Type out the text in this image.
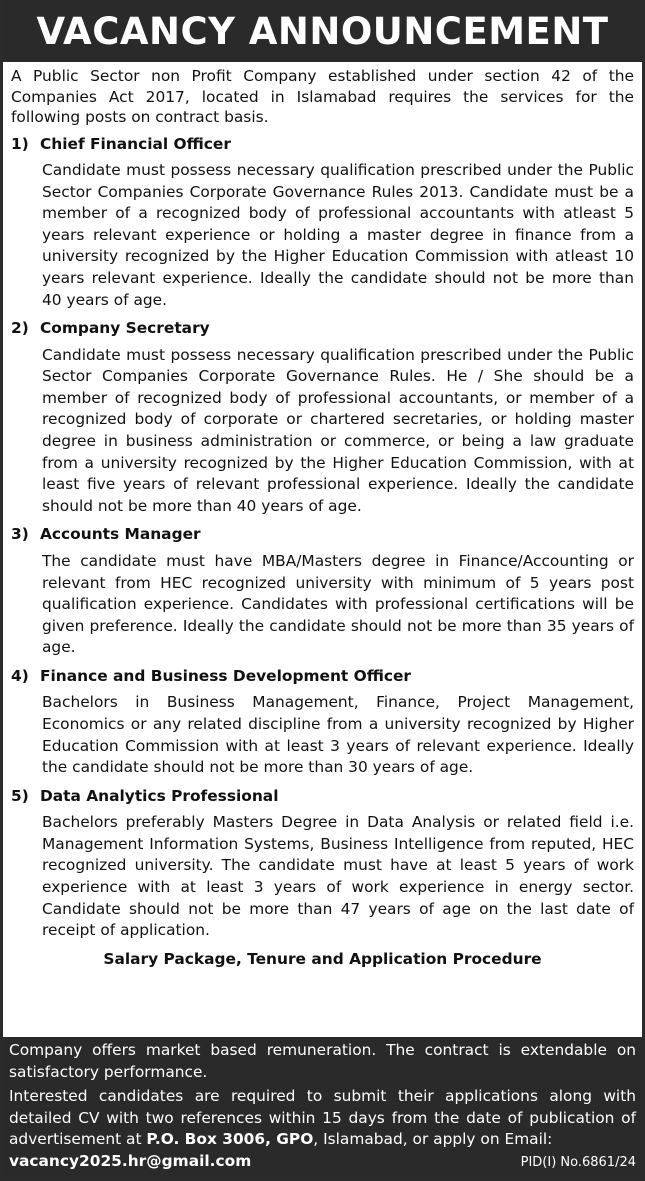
VACANCY ANNOUNCEMENT

A Public Sector non Profit Company established under section 42 of the Companies Act 2017, located in Islamabad requires the services for the following posts on contract basis.

1) Chief Financial Officer

Candidate must possess necessary qualification prescribed under the Public Sector Companies Corporate Governance Rules 2013. Candidate must be a member of a recognized body of professional accountants with atleast 5 years relevant experience or holding a master degree in finance from a university recognized by the Higher Education Commission with atleast 10 years relevant experience. Ideally the candidate should not be more than 40 years of age.

2) Company Secretary

Candidate must possess necessary qualification prescribed under the Public Sector Companies Corporate Governance Rules. He / She should be a member of recognized body of professional accountants, or member of a recognized body of corporate or chartered secretaries, or holding master degree in business administration or commerce, or being a law graduate from a university recognized by the Higher Education Commission, with at least five years of relevant professional experience. Ideally the candidate should not be more than 40 years of age.

3) Accounts Manager

The candidate must have MBA/Masters degree in Finance/Accounting or relevant from HEC recognized university with minimum of 5 years post qualification experience. Candidates with professional certifications will be given preference. Ideally the candidate should not be more than 35 years of age.

4) Finance and Business Development Officer

Bachelors in Business Management, Finance, Project Management, Economics or any related discipline from a university recognized by Higher Education Commission with at least 3 years of relevant experience. Ideally the candidate should not be more than 30 years of age.

5) Data Analytics Professional

Bachelors preferably Masters Degree in Data Analysis or related field i.e. Management Information Systems, Business Intelligence from reputed, HEC recognized university. The candidate must have at least 5 years of work experience with at least 3 years of work experience in energy sector. Candidate should not be more than 47 years of age on the last date of receipt of application.

Salary Package, Tenure and Application Procedure

Company offers market based remuneration. The contract is extendable on satisfactory performance.

Interested candidates are required to submit their applications along with detailed CV with two references within 15 days from the date of publication of advertisement at P.O. Box 3006, GPO, Islamabad, or apply on Email:

vacancy2025.hr@gmail.com	PID(I) No.6861/24
